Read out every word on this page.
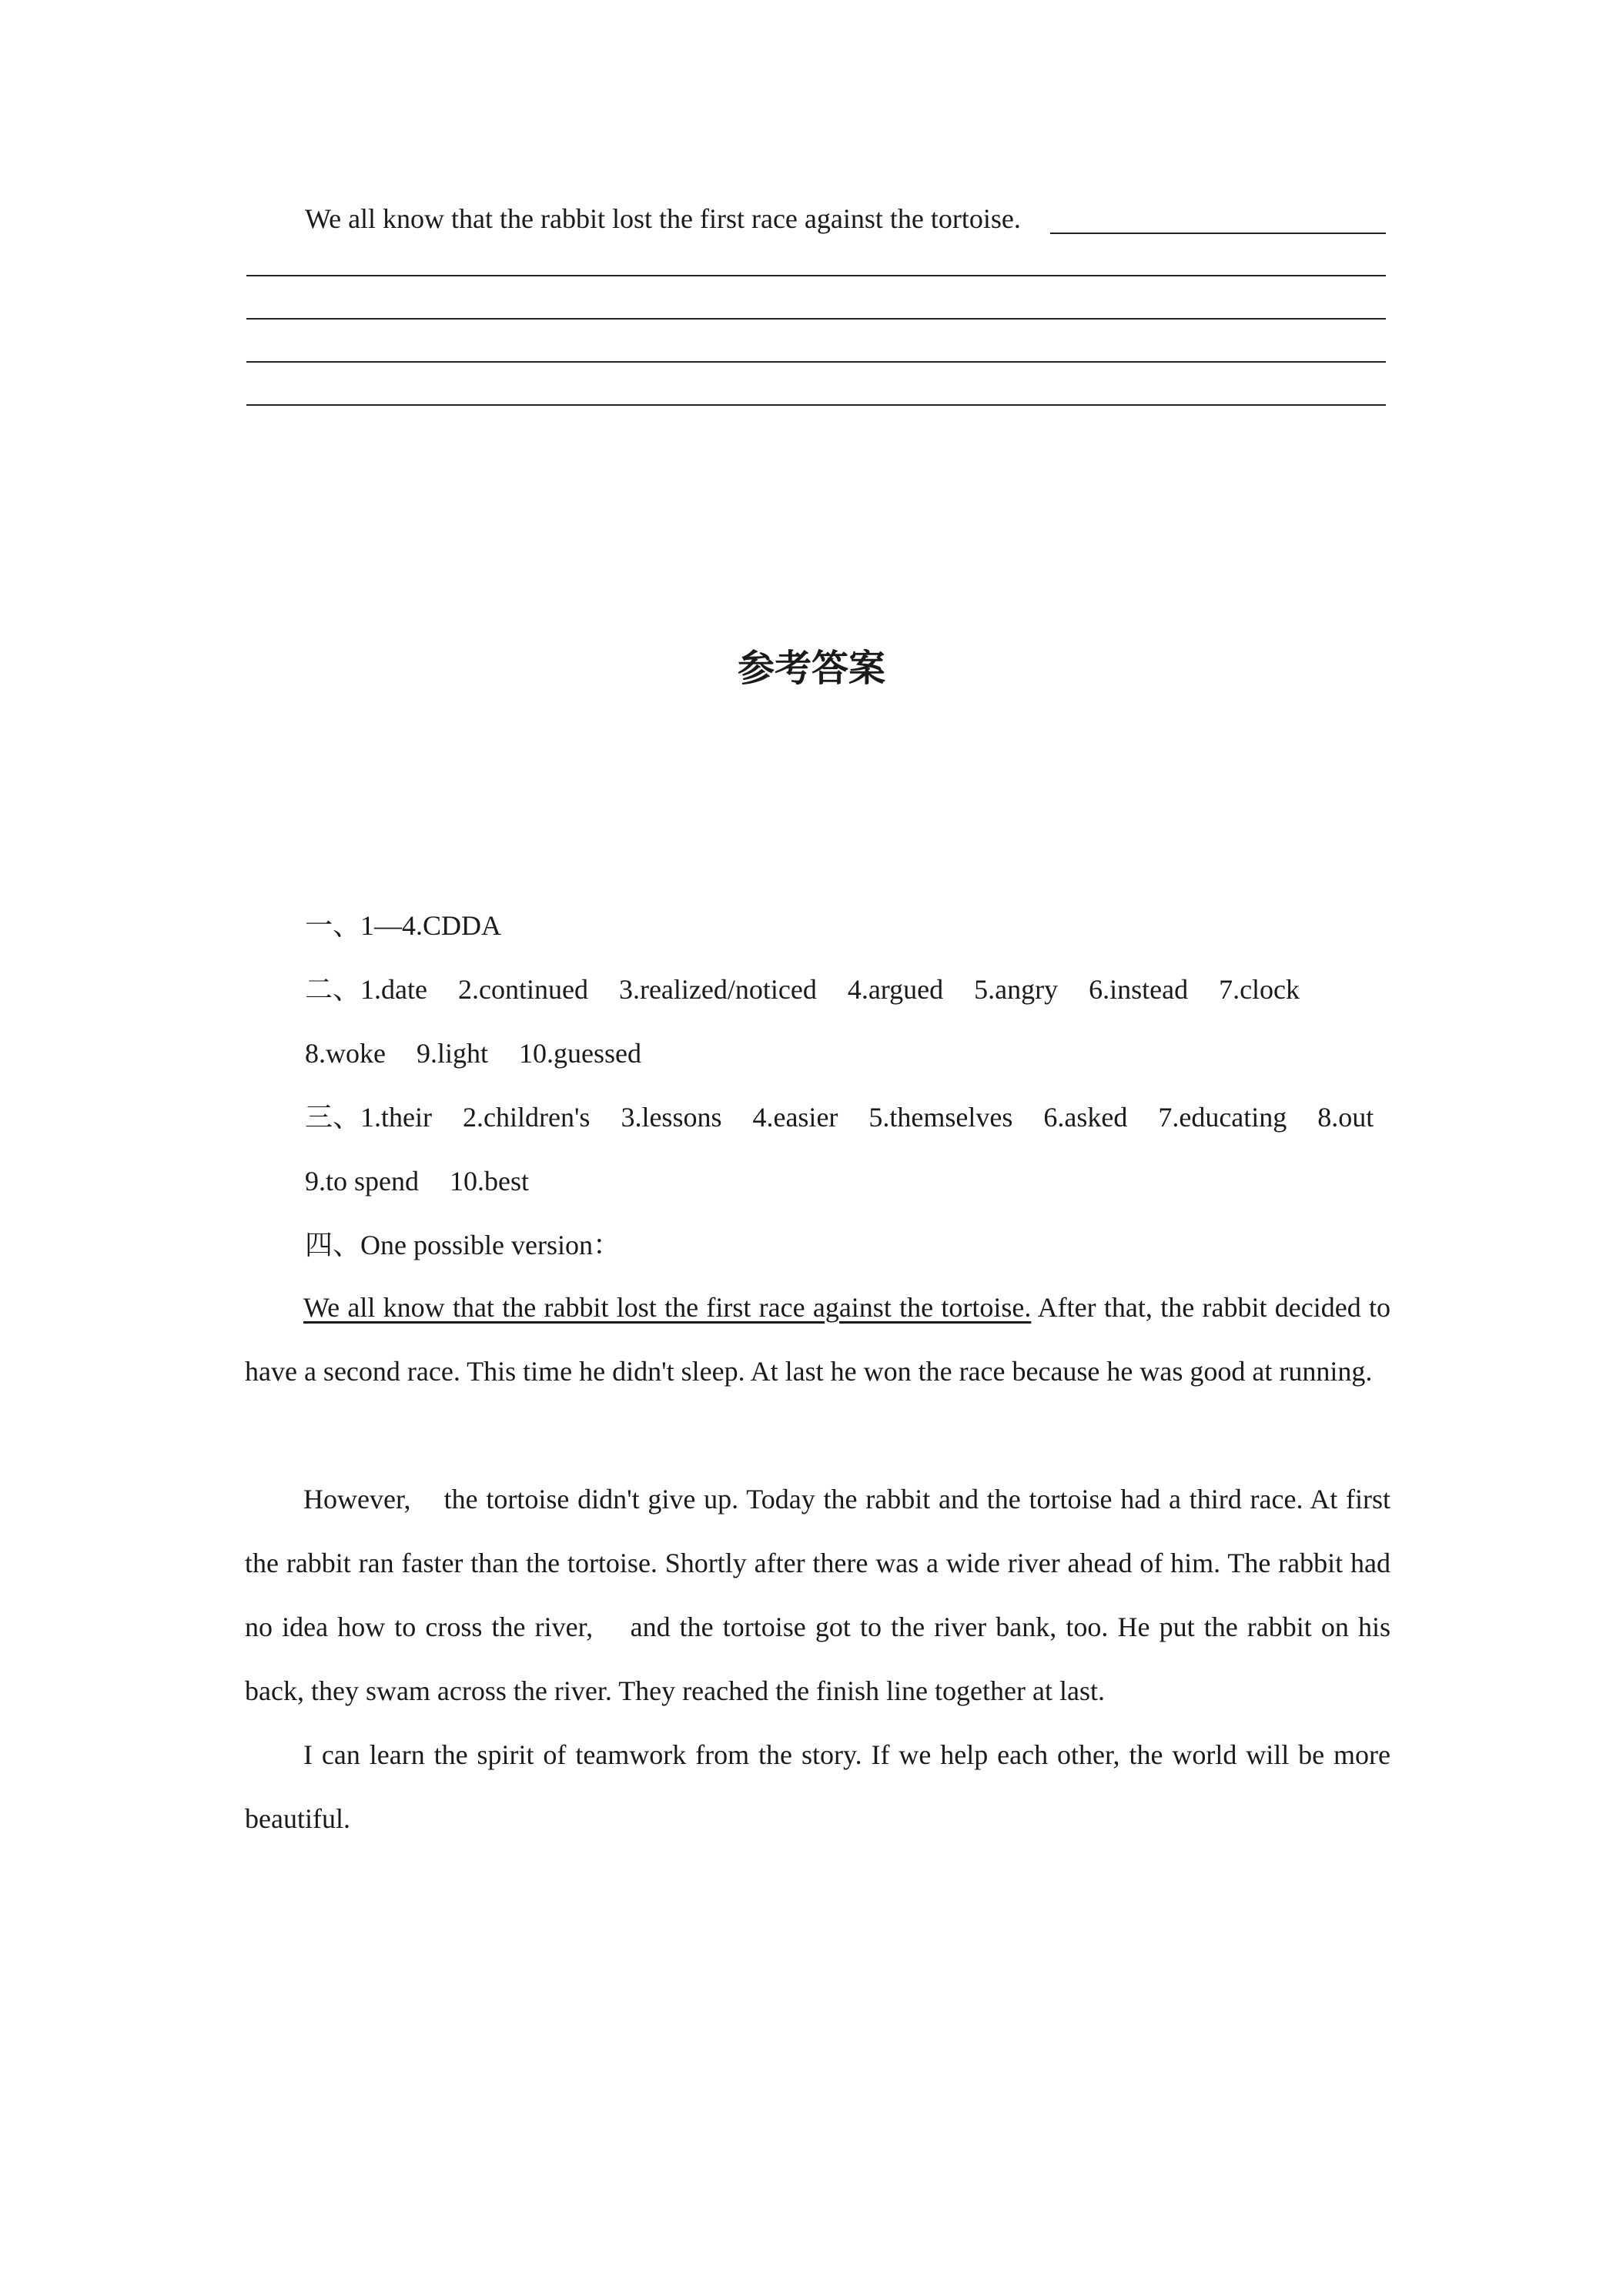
We all know that the rabbit lost the first race against the tortoise.
参考答案
一、1—4.CDDA
二、1.date 2.continued 3.realized/noticed 4.argued 5.angry 6.instead 7.clock
8.woke 9.light 10.guessed
三、1.their 2.children's 3.lessons 4.easier 5.themselves 6.asked 7.educating 8.out
9.to spend 10.best
四、One possible version：
We all know that the rabbit lost the first race against the tortoise. After that, the rabbit decided to have a second race. This time he didn't sleep. At last he won the race because he was good at running.
However,    the tortoise didn't give up. Today the rabbit and the tortoise had a third race. At first the rabbit ran faster than the tortoise. Shortly after there was a wide river ahead of him. The rabbit had no idea how to cross the river,    and the tortoise got to the river bank, too. He put the rabbit on his back, they swam across the river. They reached the finish line together at last.
I can learn the spirit of teamwork from the story. If we help each other, the world will be more beautiful.
